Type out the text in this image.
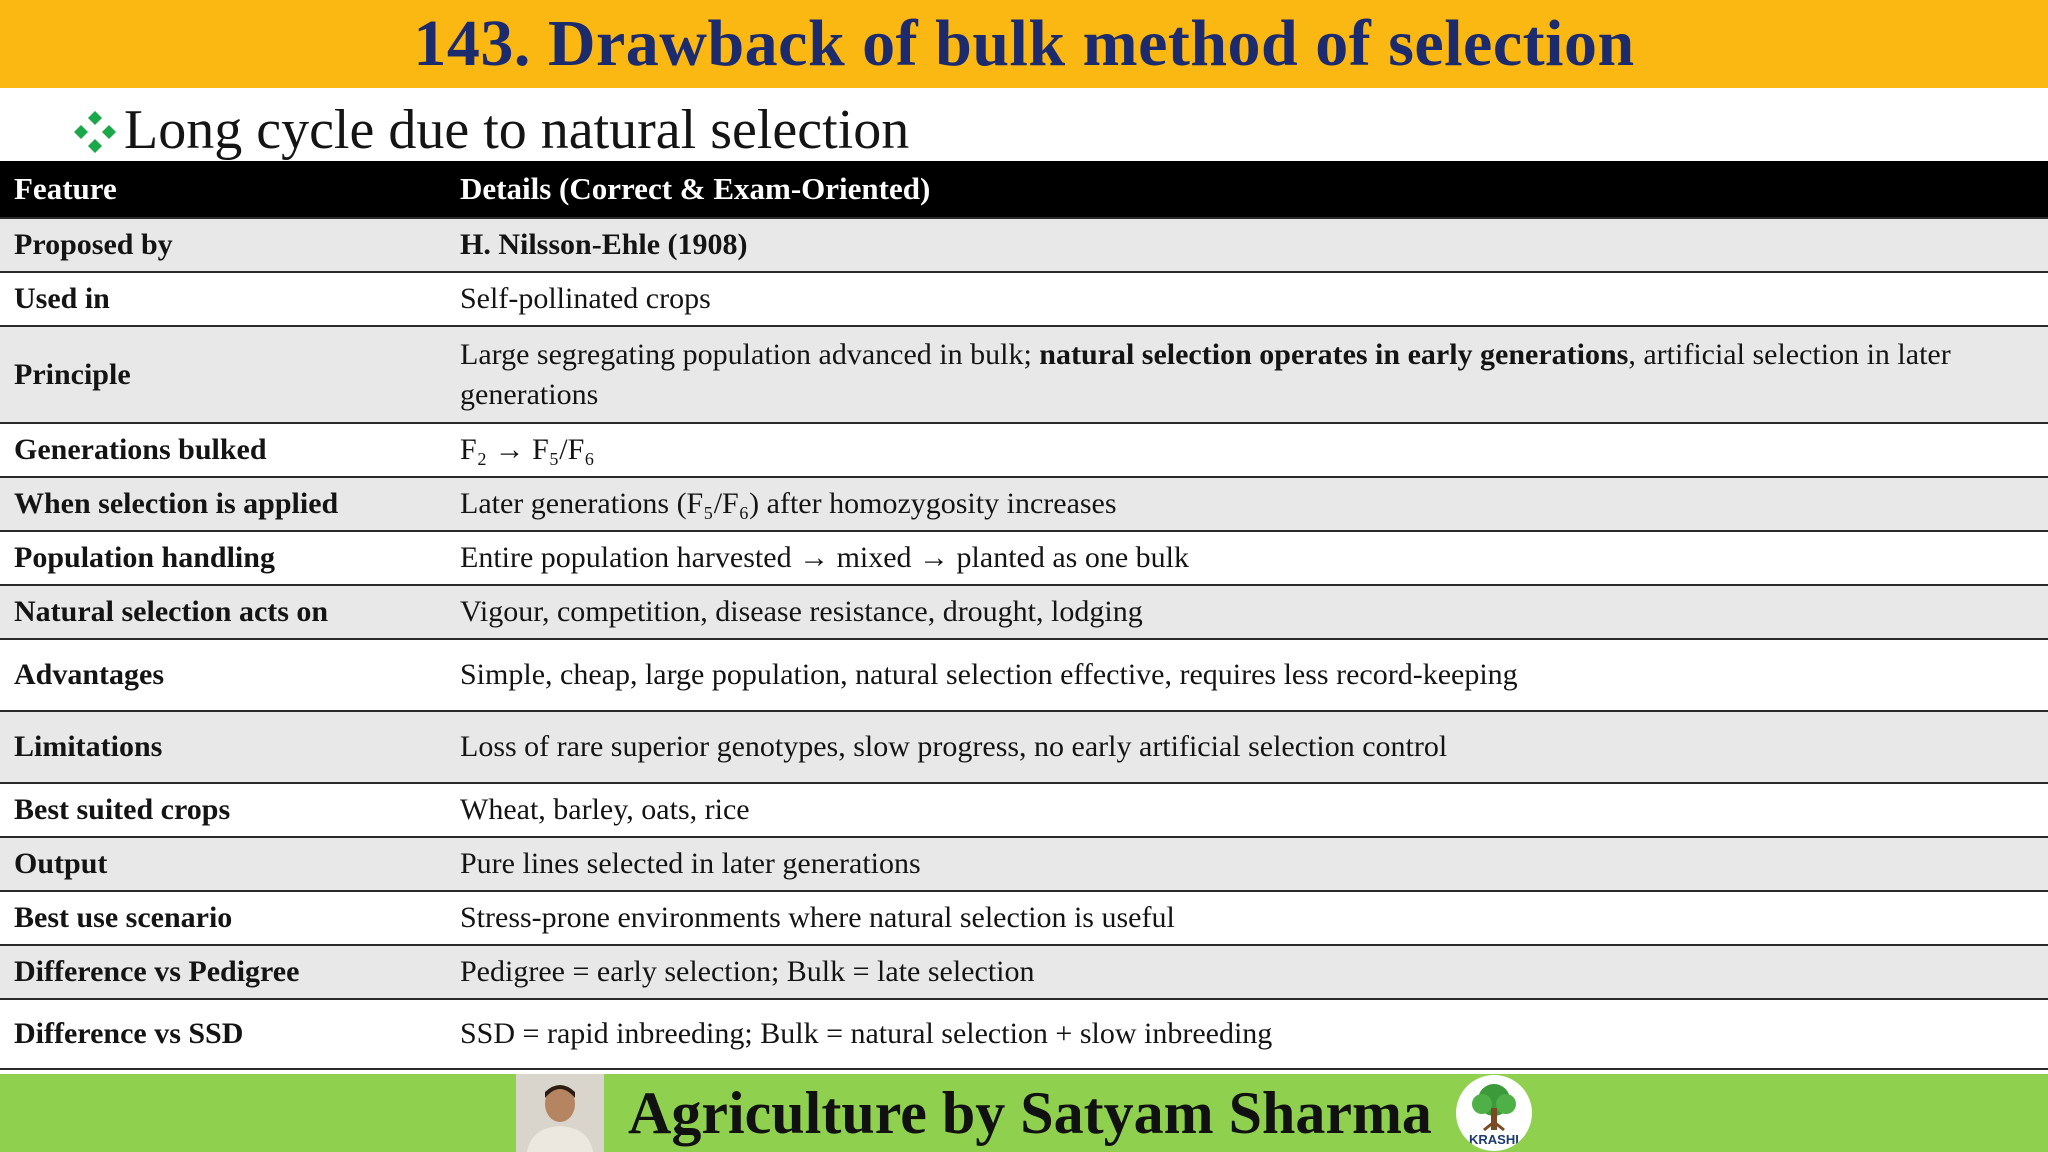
143. Drawback of bulk method of selection
Long cycle due to natural selection
Feature	Details (Correct & Exam-Oriented)
Proposed by	H. Nilsson-Ehle (1908)
Used in	Self-pollinated crops
Principle	Large segregating population advanced in bulk; natural selection operates in early generations, artificial selection in later generations
Generations bulked	F₂ → F₅/F₆
When selection is applied	Later generations (F₅/F₆) after homozygosity increases
Population handling	Entire population harvested → mixed → planted as one bulk
Natural selection acts on	Vigour, competition, disease resistance, drought, lodging
Advantages	Simple, cheap, large population, natural selection effective, requires less record-keeping
Limitations	Loss of rare superior genotypes, slow progress, no early artificial selection control
Best suited crops	Wheat, barley, oats, rice
Output	Pure lines selected in later generations
Best use scenario	Stress-prone environments where natural selection is useful
Difference vs Pedigree	Pedigree = early selection; Bulk = late selection
Difference vs SSD	SSD = rapid inbreeding; Bulk = natural selection + slow inbreeding
Agriculture by Satyam Sharma	KRASHI
